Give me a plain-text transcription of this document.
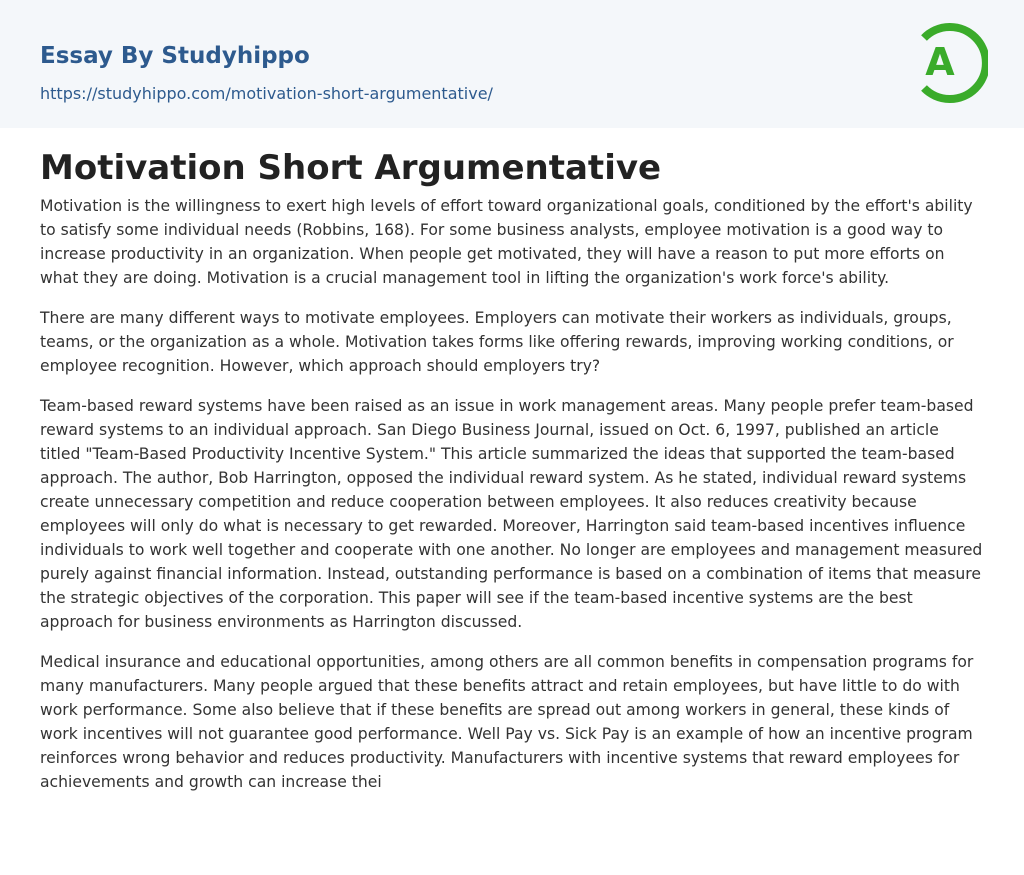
Essay By Studyhippo
https://studyhippo.com/motivation-short-argumentative/
A
Motivation Short Argumentative

Motivation is the willingness to exert high levels of effort toward organizational goals, conditioned by the effort's ability to satisfy some individual needs (Robbins, 168). For some business analysts, employee motivation is a good way to increase productivity in an organization. When people get motivated, they will have a reason to put more efforts on what they are doing. Motivation is a crucial management tool in lifting the organization's work force's ability.

There are many different ways to motivate employees. Employers can motivate their workers as individuals, groups, teams, or the organization as a whole. Motivation takes forms like offering rewards, improving working conditions, or employee recognition. However, which approach should employers try?

Team-based reward systems have been raised as an issue in work management areas. Many people prefer team-based reward systems to an individual approach. San Diego Business Journal, issued on Oct. 6, 1997, published an article titled "Team-Based Productivity Incentive System." This article summarized the ideas that supported the team-based approach. The author, Bob Harrington, opposed the individual reward system. As he stated, individual reward systems create unnecessary competition and reduce cooperation between employees. It also reduces creativity because employees will only do what is necessary to get rewarded. Moreover, Harrington said team-based incentives influence individuals to work well together and cooperate with one another. No longer are employees and management measured purely against financial information. Instead, outstanding performance is based on a combination of items that measure the strategic objectives of the corporation. This paper will see if the team-based incentive systems are the best approach for business environments as Harrington discussed.

Medical insurance and educational opportunities, among others are all common benefits in compensation programs for many manufacturers. Many people argued that these benefits attract and retain employees, but have little to do with work performance. Some also believe that if these benefits are spread out among workers in general, these kinds of work incentives will not guarantee good performance. Well Pay vs. Sick Pay is an example of how an incentive program reinforces wrong behavior and reduces productivity. Manufacturers with incentive systems that reward employees for achievements and growth can increase thei
